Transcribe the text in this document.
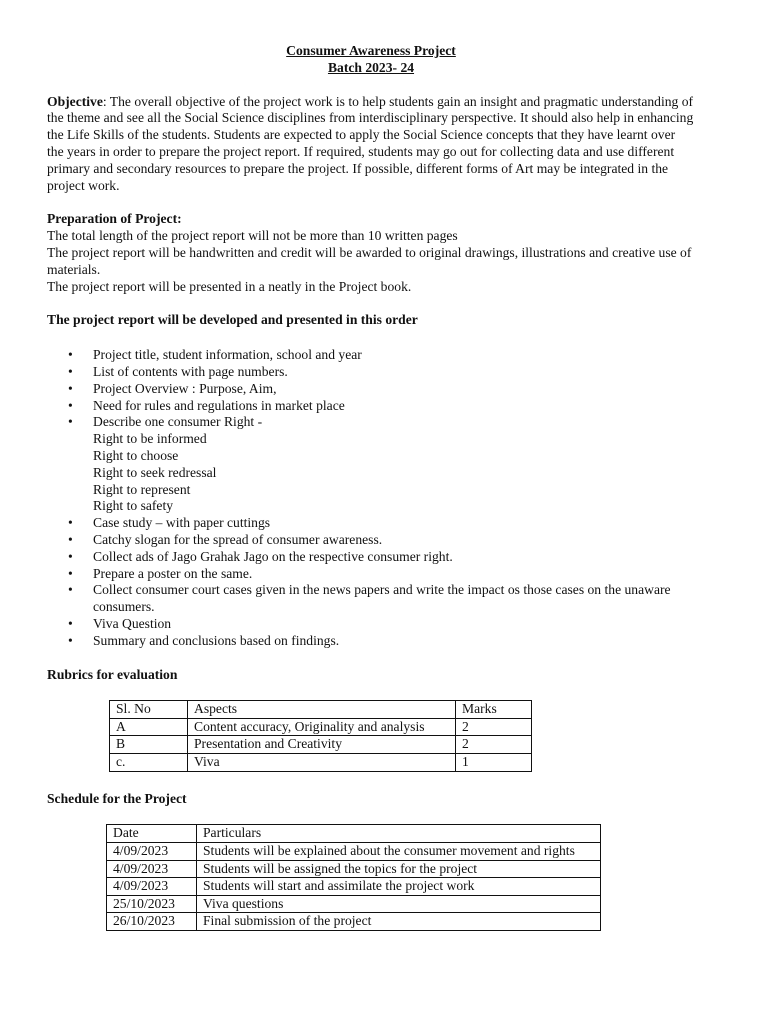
Consumer Awareness Project
Batch 2023- 24

Objective: The overall objective of the project work is to help students gain an insight and pragmatic understanding of the theme and see all the Social Science disciplines from interdisciplinary perspective. It should also help in enhancing the Life Skills of the students. Students are expected to apply the Social Science concepts that they have learnt over the years in order to prepare the project report. If required, students may go out for collecting data and use different primary and secondary resources to prepare the project. If possible, different forms of Art may be integrated in the project work.

Preparation of Project:
The total length of the project report will not be more than 10 written pages
The project report will be handwritten and credit will be awarded to original drawings, illustrations and creative use of materials.
The project report will be presented in a neatly in the Project book.
The project report will be developed and presented in this order
• Project title, student information, school and year
• List of contents with page numbers.
• Project Overview : Purpose, Aim,
• Need for rules and regulations in market place
• Describe one consumer Right -
Right to be informed
Right to choose
Right to seek redressal
Right to represent
Right to safety
• Case study – with paper cuttings
• Catchy slogan for the spread of consumer awareness.
• Collect ads of Jago Grahak Jago on the respective consumer right.
• Prepare a poster on the same.
• Collect consumer court cases given in the news papers and write the impact os those cases on the unaware consumers.
• Viva Question
• Summary and conclusions based on findings.
Rubrics for evaluation
Sl. No	Aspects	Marks
A	Content accuracy, Originality and analysis	2
B	Presentation and Creativity	2
c.	Viva	1
Schedule for the Project
Date	Particulars
4/09/2023	Students will be explained about the consumer movement and rights
4/09/2023	Students will be assigned the topics for the project
4/09/2023	Students will start and assimilate the project work
25/10/2023	Viva questions
26/10/2023	Final submission of the project
